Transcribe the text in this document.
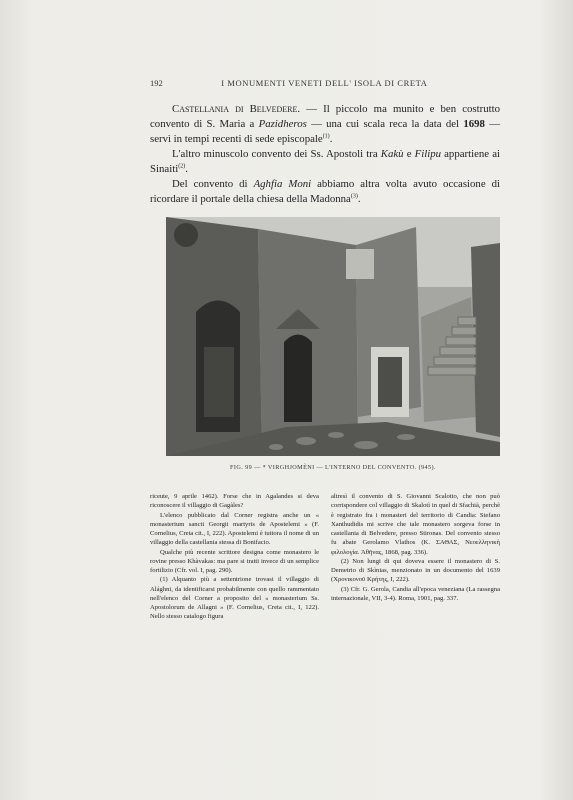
192	I MONUMENTI VENETI DELL' ISOLA DI CRETA

Castellania di Belvedere. — Il piccolo ma munito e ben costrutto convento di S. Maria a Pazidheros — una cui scala reca la data del 1698 — servì in tempi recenti di sede episcopale$^{(1)}$.

L'altro minuscolo convento dei Ss. Apostoli tra Kakù e Filipu appartiene ai Sinaiti$^{(2)}$.

Del convento di Aghfia Moni abbiamo altra volta avuto occasione di ricordare il portale della chiesa della Madonna$^{(3)}$.

FIG. 99 — * VIRGHJOMÈNI — L'INTERNO DEL CONVENTO. (945).

riceute, 9 aprile 1462). Forse che in Agalandes si deva riconoscere il villaggio di Gagàles?

L'elenco pubblicato dal Corner registra anche un « monasterium sancti Georgii martyris de Apostelemi » (F. Cornelius, Creta cit., I, 222). Apostelemi è tuttora il nome di un villaggio della castellania stessa di Bonifacio.

Qualche più recente scrittore designa come monastero le rovine presso Khàvakas: ma pare si tratti invece di un semplice fortilizio (Cfr. vol. I, pag. 290).

(1) Alquanto più a settentrione trovasi il villaggio di Alághni, da identificarsi probabilmente con quello rammentato nell'elenco del Corner a proposito del « monasterium Ss. Apostolorum de Allagni » (F. Cornelius, Creta cit., I, 122). Nello stesso catalogo figura

altresì il convento di S. Giovanni Scalotto, che non può corrispondere col villaggio di Skalotì in quel di Sfachià, perchè è registrato fra i monasteri del territorio di Candia: Stefano Xanthudidis mi scrive che tale monastero sorgeva forse in castellania di Belvedere, presso Stironas. Del convento stesso fu abate Gerolamo Vlathos (Κ. ΣΑΘΑΣ, Νεοελληνικὴ φιλολογία. Ἀθῆνας, 1868, pag. 336).

(2) Non lungi di qui doveva essere il monastero di S. Demetrio di Skìnias, menzionato in un documento del 1639 (Χρονικονοῦ Κρήτης, I, 222).

(3) Cfr. G. Gerola, Candia all'epoca veneziana (La rassegna internazionale, VII, 3-4). Roma, 1901, pag. 337.
